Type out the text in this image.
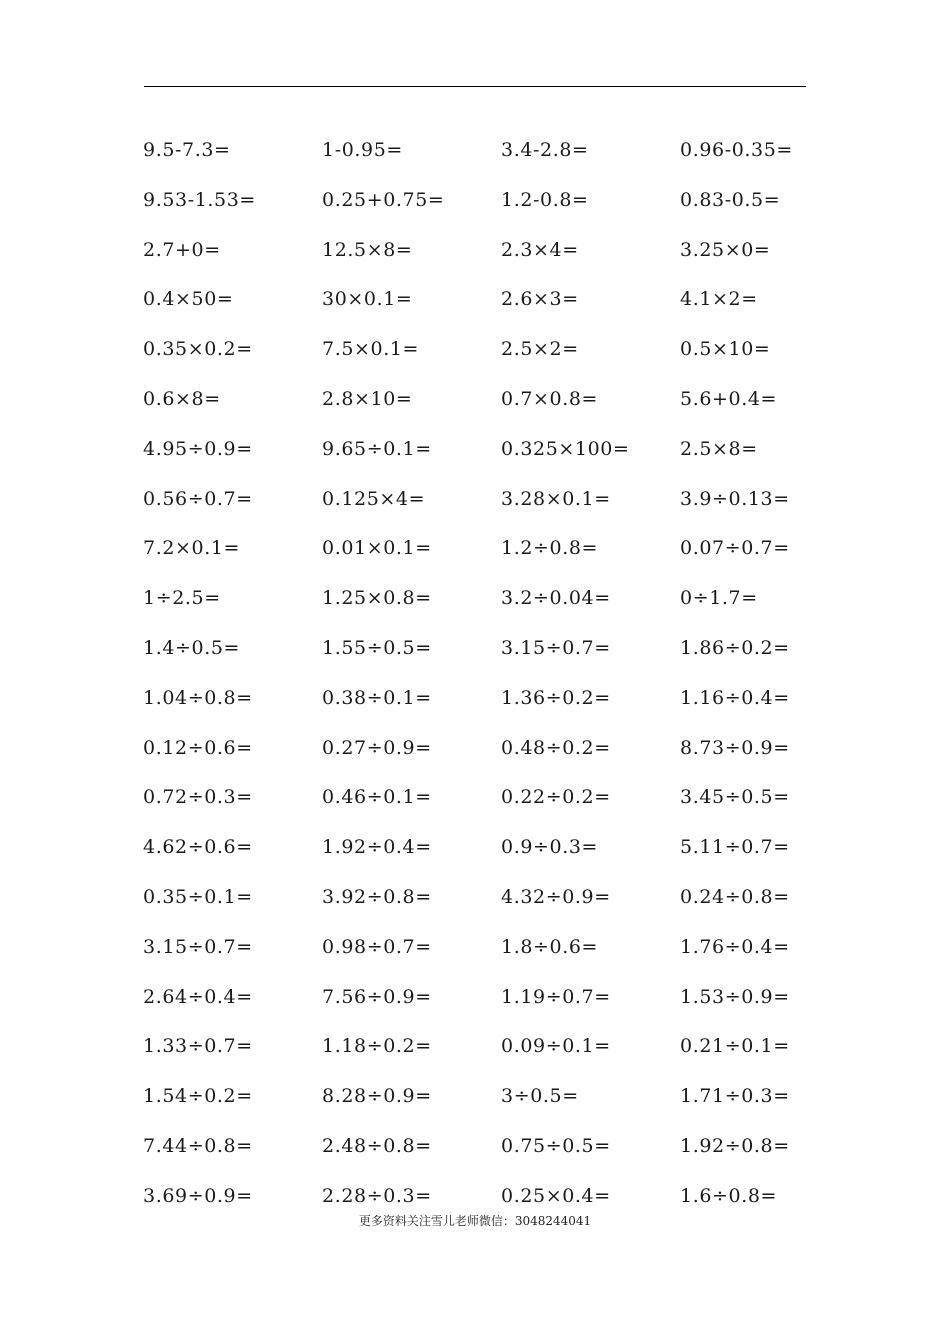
9.5-7.3=	1-0.95=	3.4-2.8=	0.96-0.35=
9.53-1.53=	0.25+0.75=	1.2-0.8=	0.83-0.5=
2.7+0=	12.5×8=	2.3×4=	3.25×0=
0.4×50=	30×0.1=	2.6×3=	4.1×2=
0.35×0.2=	7.5×0.1=	2.5×2=	0.5×10=
0.6×8=	2.8×10=	0.7×0.8=	5.6+0.4=
4.95÷0.9=	9.65÷0.1=	0.325×100=	2.5×8=
0.56÷0.7=	0.125×4=	3.28×0.1=	3.9÷0.13=
7.2×0.1=	0.01×0.1=	1.2÷0.8=	0.07÷0.7=
1÷2.5=	1.25×0.8=	3.2÷0.04=	0÷1.7=
1.4÷0.5=	1.55÷0.5=	3.15÷0.7=	1.86÷0.2=
1.04÷0.8=	0.38÷0.1=	1.36÷0.2=	1.16÷0.4=
0.12÷0.6=	0.27÷0.9=	0.48÷0.2=	8.73÷0.9=
0.72÷0.3=	0.46÷0.1=	0.22÷0.2=	3.45÷0.5=
4.62÷0.6=	1.92÷0.4=	0.9÷0.3=	5.11÷0.7=
0.35÷0.1=	3.92÷0.8=	4.32÷0.9=	0.24÷0.8=
3.15÷0.7=	0.98÷0.7=	1.8÷0.6=	1.76÷0.4=
2.64÷0.4=	7.56÷0.9=	1.19÷0.7=	1.53÷0.9=
1.33÷0.7=	1.18÷0.2=	0.09÷0.1=	0.21÷0.1=
1.54÷0.2=	8.28÷0.9=	3÷0.5=	1.71÷0.3=
7.44÷0.8=	2.48÷0.8=	0.75÷0.5=	1.92÷0.8=
3.69÷0.9=	2.28÷0.3=	0.25×0.4=	1.6÷0.8=
更多资料关注雪儿老师微信：3048244041
